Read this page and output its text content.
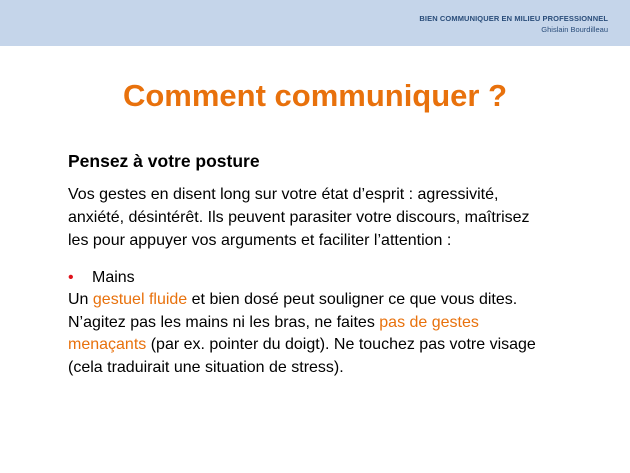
BIEN COMMUNIQUER EN MILIEU PROFESSIONNEL
Ghislain Bourdilleau
Comment communiquer ?
Pensez à votre posture
Vos gestes en disent long sur votre état d’esprit : agressivité,
anxiété, désintérêt. Ils peuvent parasiter votre discours, maîtrisez
les pour appuyer vos arguments et faciliter l’attention :
• Mains
Un gestuel fluide et bien dosé peut souligner ce que vous dites.
N’agitez pas les mains ni les bras, ne faites pas de gestes
menaçants (par ex. pointer du doigt). Ne touchez pas votre visage
(cela traduirait une situation de stress).
